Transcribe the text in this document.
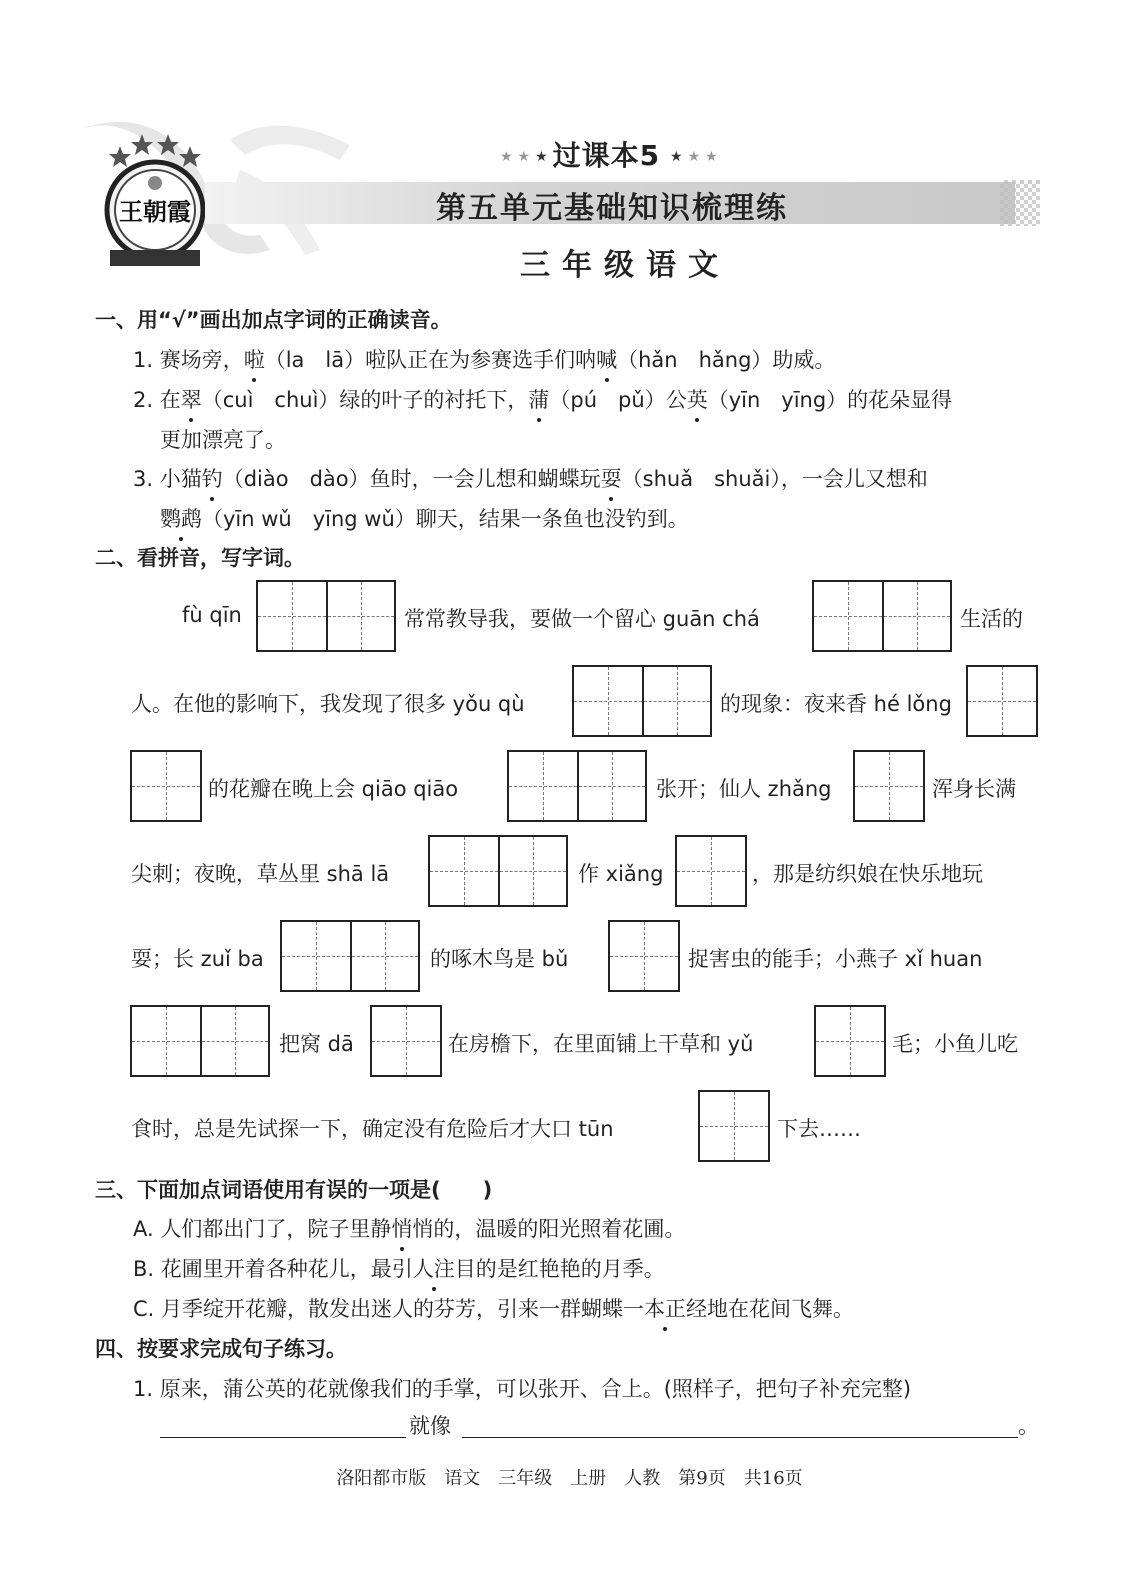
王朝霞
★★★过课本5 ★★★
第五单元基础知识梳理练
三年级语文
一、用“√”画出加点字词的正确读音。
1. 赛场旁，啦（la　lā）啦队正在为参赛选手们呐喊（hǎn　hǎng）助威。
2. 在翠（cuì　chuì）绿的叶子的衬托下，蒲（pú　pǔ）公英（yīn　yīng）的花朵显得
更加漂亮了。
3. 小猫钓（diào　dào）鱼时，一会儿想和蝴蝶玩耍（shuǎ　shuǎi），一会儿又想和
鹦鹉（yīn wǔ　yīng wǔ）聊天，结果一条鱼也没钓到。
二、看拼音，写字词。
fù qīn	常常教导我，要做一个留心 guān chá	生活的
人。在他的影响下，我发现了很多 yǒu qù	的现象：夜来香 hé lǒng
的花瓣在晚上会 qiāo qiāo	张开；仙人 zhǎng	浑身长满
尖刺；夜晚，草丛里 shā lā	作 xiǎng	，那是纺织娘在快乐地玩
耍；长 zuǐ ba	的啄木鸟是 bǔ	捉害虫的能手；小燕子 xǐ huan
把窝 dā	在房檐下，在里面铺上干草和 yǔ	毛；小鱼儿吃
食时，总是先试探一下，确定没有危险后才大口 tūn	下去……
三、下面加点词语使用有误的一项是(　　)
A. 人们都出门了，院子里静悄悄的，温暖的阳光照着花圃。
B. 花圃里开着各种花儿，最引人注目的是红艳艳的月季。
C. 月季绽开花瓣，散发出迷人的芬芳，引来一群蝴蝶一本正经地在花间飞舞。
四、按要求完成句子练习。
1. 原来，蒲公英的花就像我们的手掌，可以张开、合上。(照样子，把句子补充完整)
就像	。
洛阳都市版　语文　三年级　上册　人教　第9页　共16页
